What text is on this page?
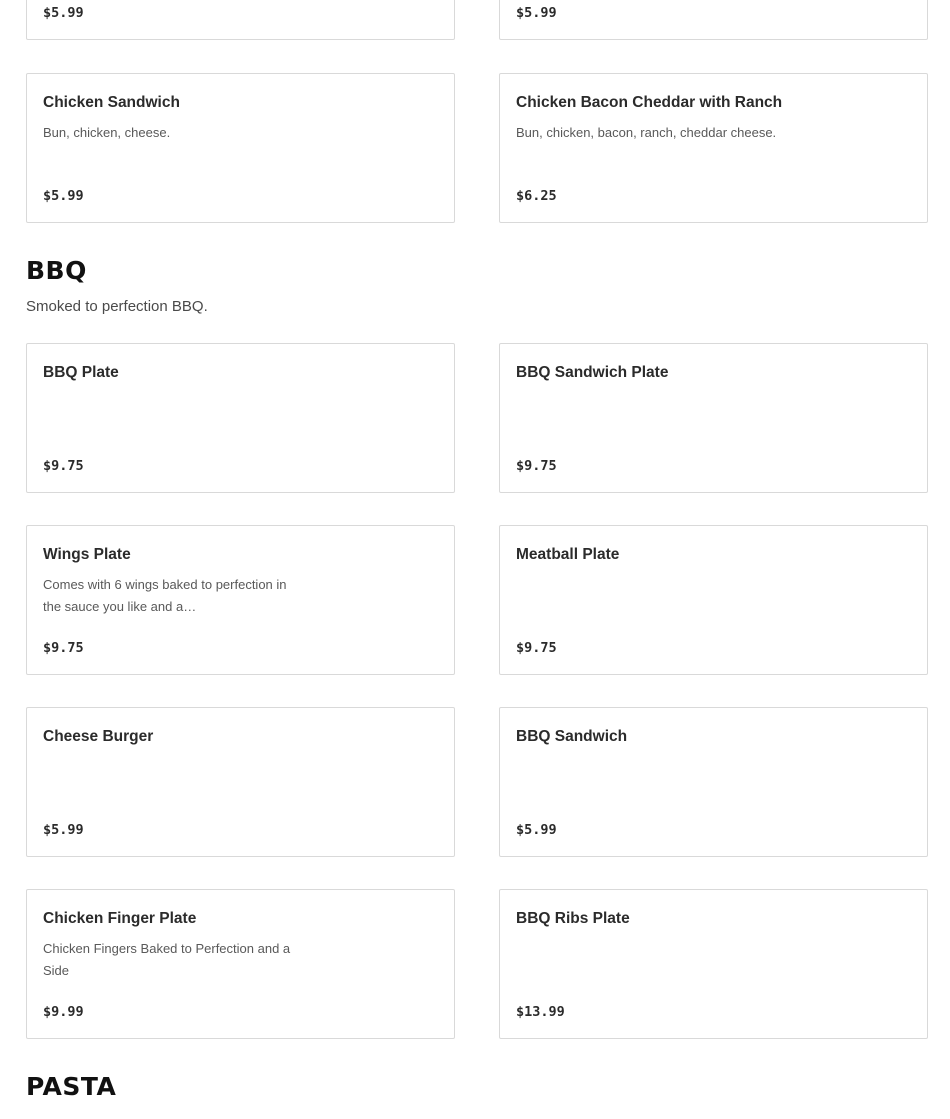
$5.99	$5.99
Chicken Sandwich
Bun, chicken, cheese.
$5.99
Chicken Bacon Cheddar with Ranch
Bun, chicken, bacon, ranch, cheddar cheese.
$6.25
BBQ

Smoked to perfection BBQ.

BBQ Plate
$9.75
BBQ Sandwich Plate
$9.75
Wings Plate
Comes with 6 wings baked to perfection in the sauce you like and a…
$9.75
Meatball Plate
$9.75
Cheese Burger
$5.99
BBQ Sandwich
$5.99
Chicken Finger Plate
Chicken Fingers Baked to Perfection and a Side
$9.99
BBQ Ribs Plate
$13.99
PASTA
